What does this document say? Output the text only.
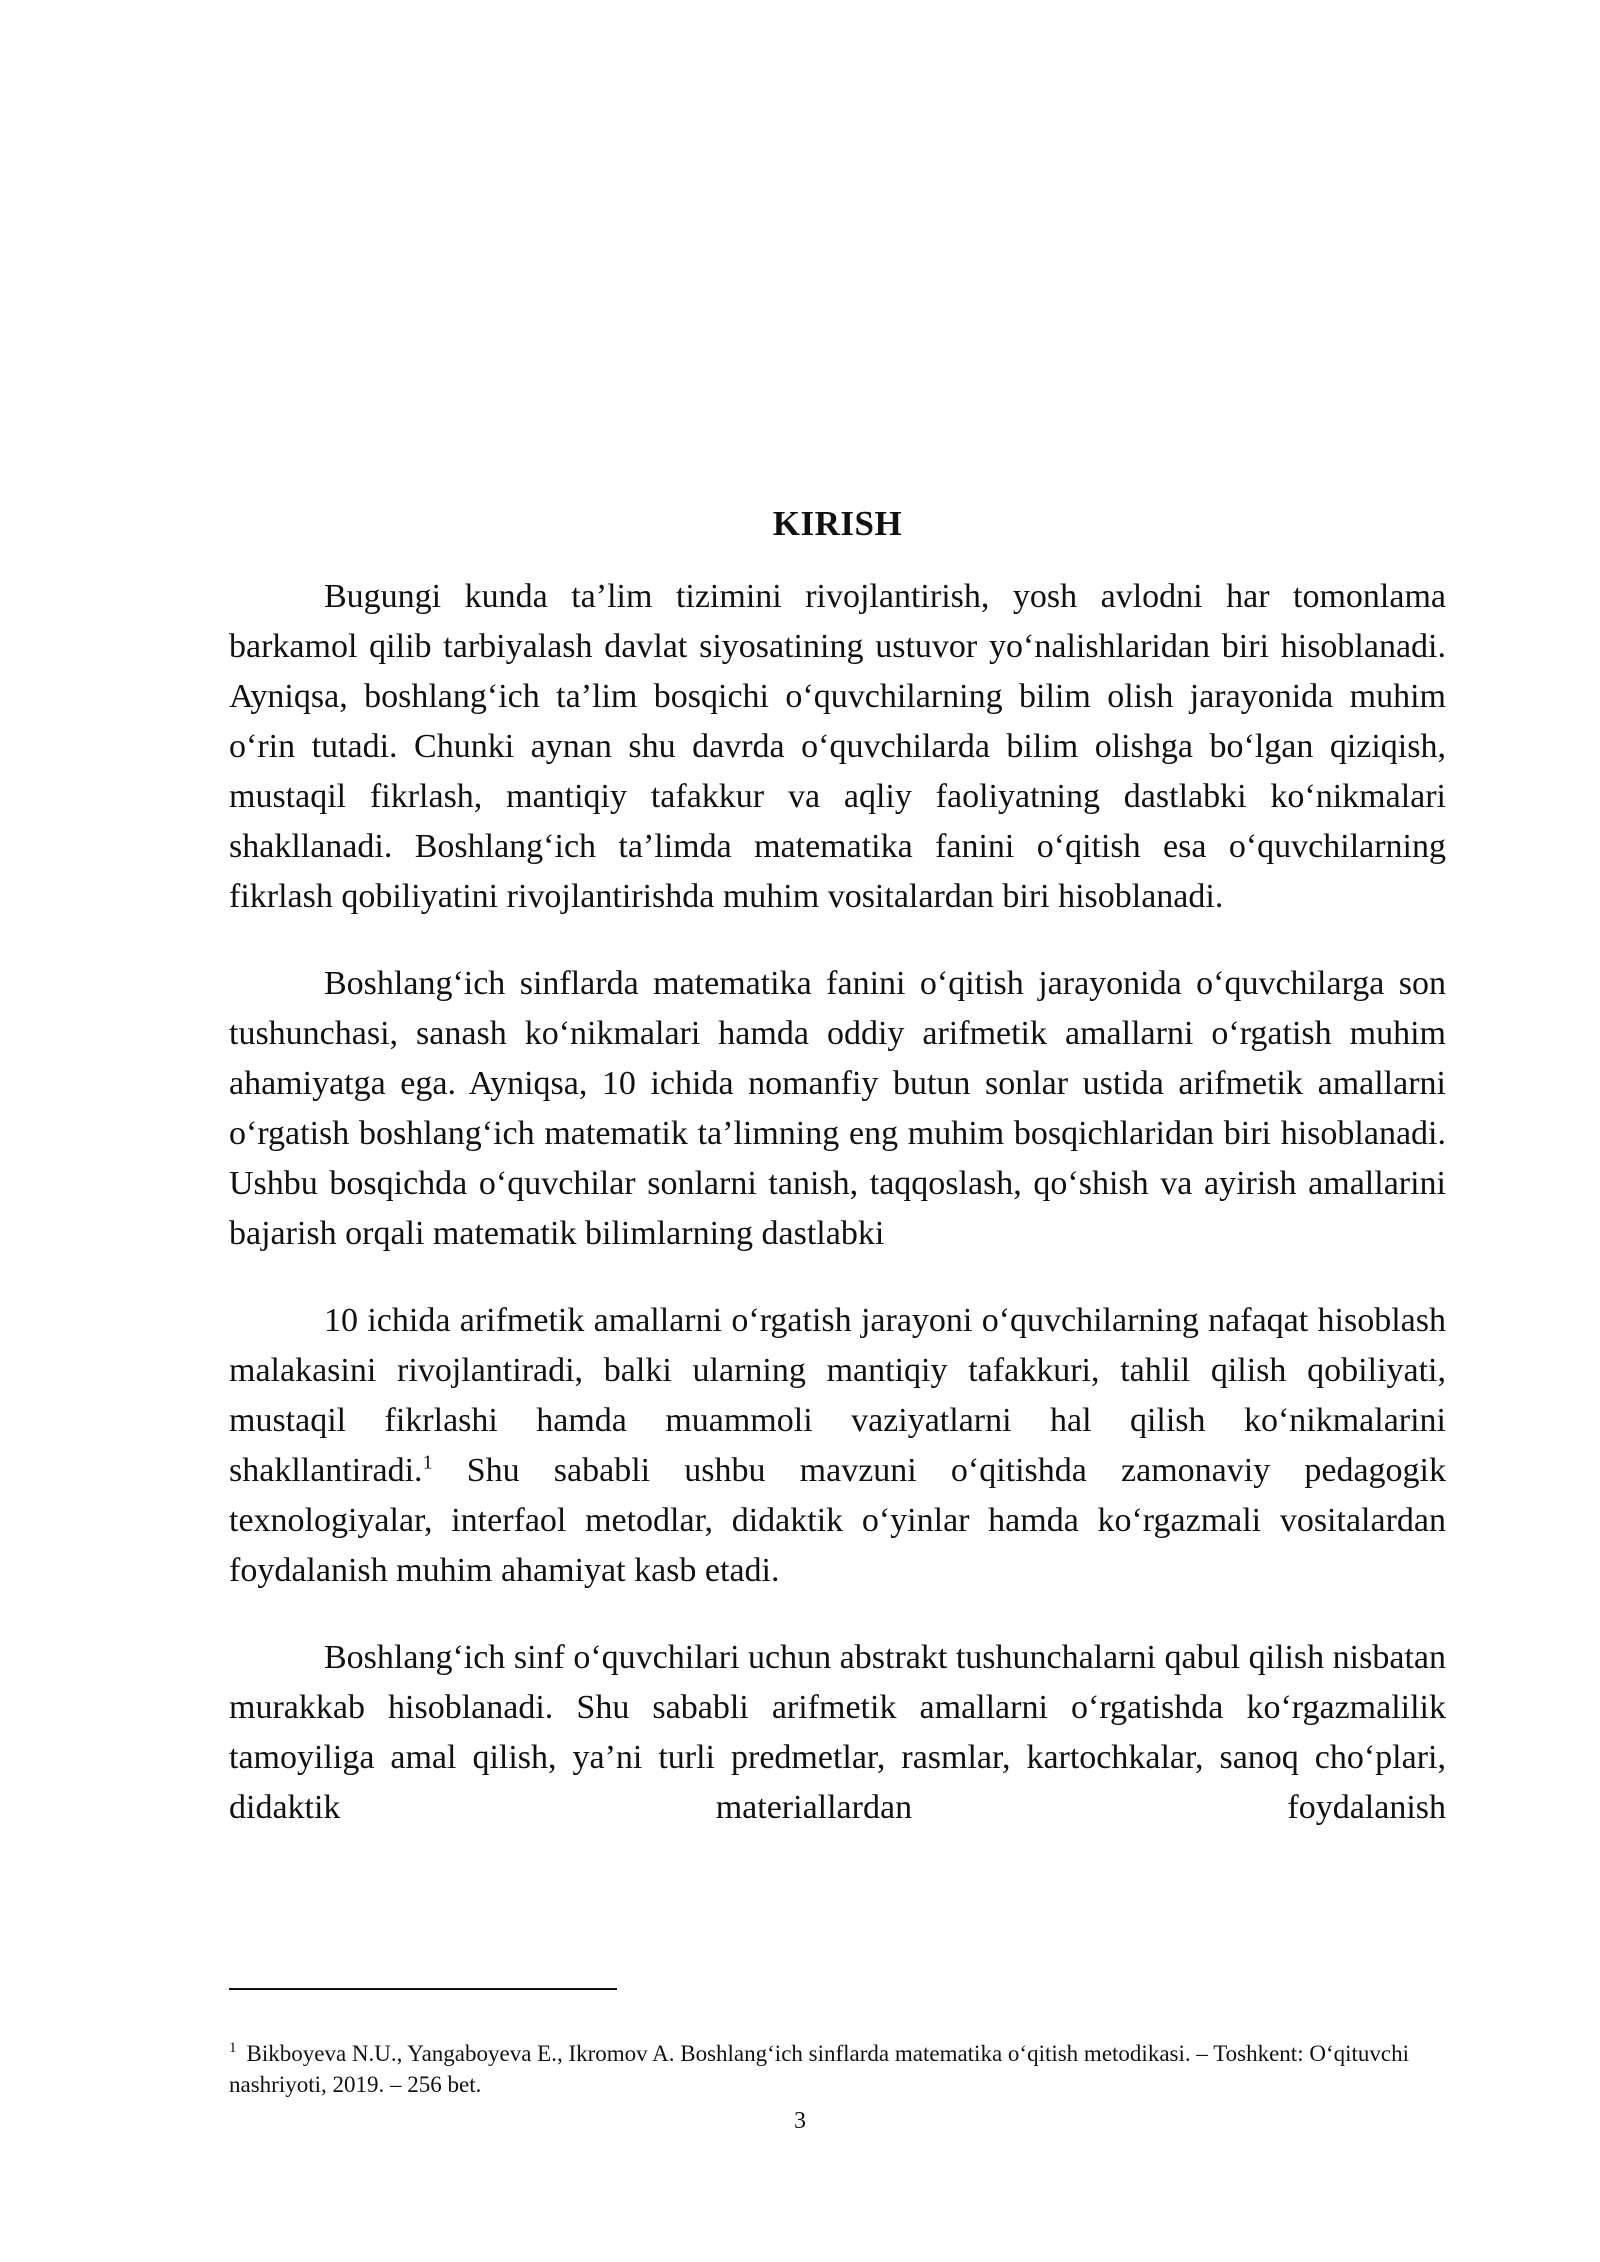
KIRISH

Bugungi kunda ta’lim tizimini rivojlantirish, yosh avlodni har tomonlama barkamol qilib tarbiyalash davlat siyosatining ustuvor yo‘nalishlaridan biri hisoblanadi. Ayniqsa, boshlang‘ich ta’lim bosqichi o‘quvchilarning bilim olish jarayonida muhim o‘rin tutadi. Chunki aynan shu davrda o‘quvchilarda bilim olishga bo‘lgan qiziqish, mustaqil fikrlash, mantiqiy tafakkur va aqliy faoliyatning dastlabki ko‘nikmalari shakllanadi. Boshlang‘ich ta’limda matematika fanini o‘qitish esa o‘quvchilarning fikrlash qobiliyatini rivojlantirishda muhim vositalardan biri hisoblanadi.

Boshlang‘ich sinflarda matematika fanini o‘qitish jarayonida o‘quvchilarga son tushunchasi, sanash ko‘nikmalari hamda oddiy arifmetik amallarni o‘rgatish muhim ahamiyatga ega. Ayniqsa, 10 ichida nomanfiy butun sonlar ustida arifmetik amallarni o‘rgatish boshlang‘ich matematik ta’limning eng muhim bosqichlaridan biri hisoblanadi. Ushbu bosqichda o‘quvchilar sonlarni tanish, taqqoslash, qo‘shish va ayirish amallarini bajarish orqali matematik bilimlarning dastlabki

10 ichida arifmetik amallarni o‘rgatish jarayoni o‘quvchilarning nafaqat hisoblash malakasini rivojlantiradi, balki ularning mantiqiy tafakkuri, tahlil qilish qobiliyati, mustaqil fikrlashi hamda muammoli vaziyatlarni hal qilish ko‘nikmalarini shakllantiradi.$^1$ Shu sababli ushbu mavzuni o‘qitishda zamonaviy pedagogik texnologiyalar, interfaol metodlar, didaktik o‘yinlar hamda ko‘rgazmali vositalardan foydalanish muhim ahamiyat kasb etadi.

Boshlang‘ich sinf o‘quvchilari uchun abstrakt tushunchalarni qabul qilish nisbatan murakkab hisoblanadi. Shu sababli arifmetik amallarni o‘rgatishda ko‘rgazmalilik tamoyiliga amal qilish, ya’ni turli predmetlar, rasmlar, kartochkalar, sanoq cho‘plari, didaktik materiallardan foydalanish

$^1$ Bikboyeva N.U., Yangaboyeva E., Ikromov A. Boshlang‘ich sinflarda matematika o‘qitish metodikasi. – Toshkent: O‘qituvchi nashriyoti, 2019. – 256 bet.
3
